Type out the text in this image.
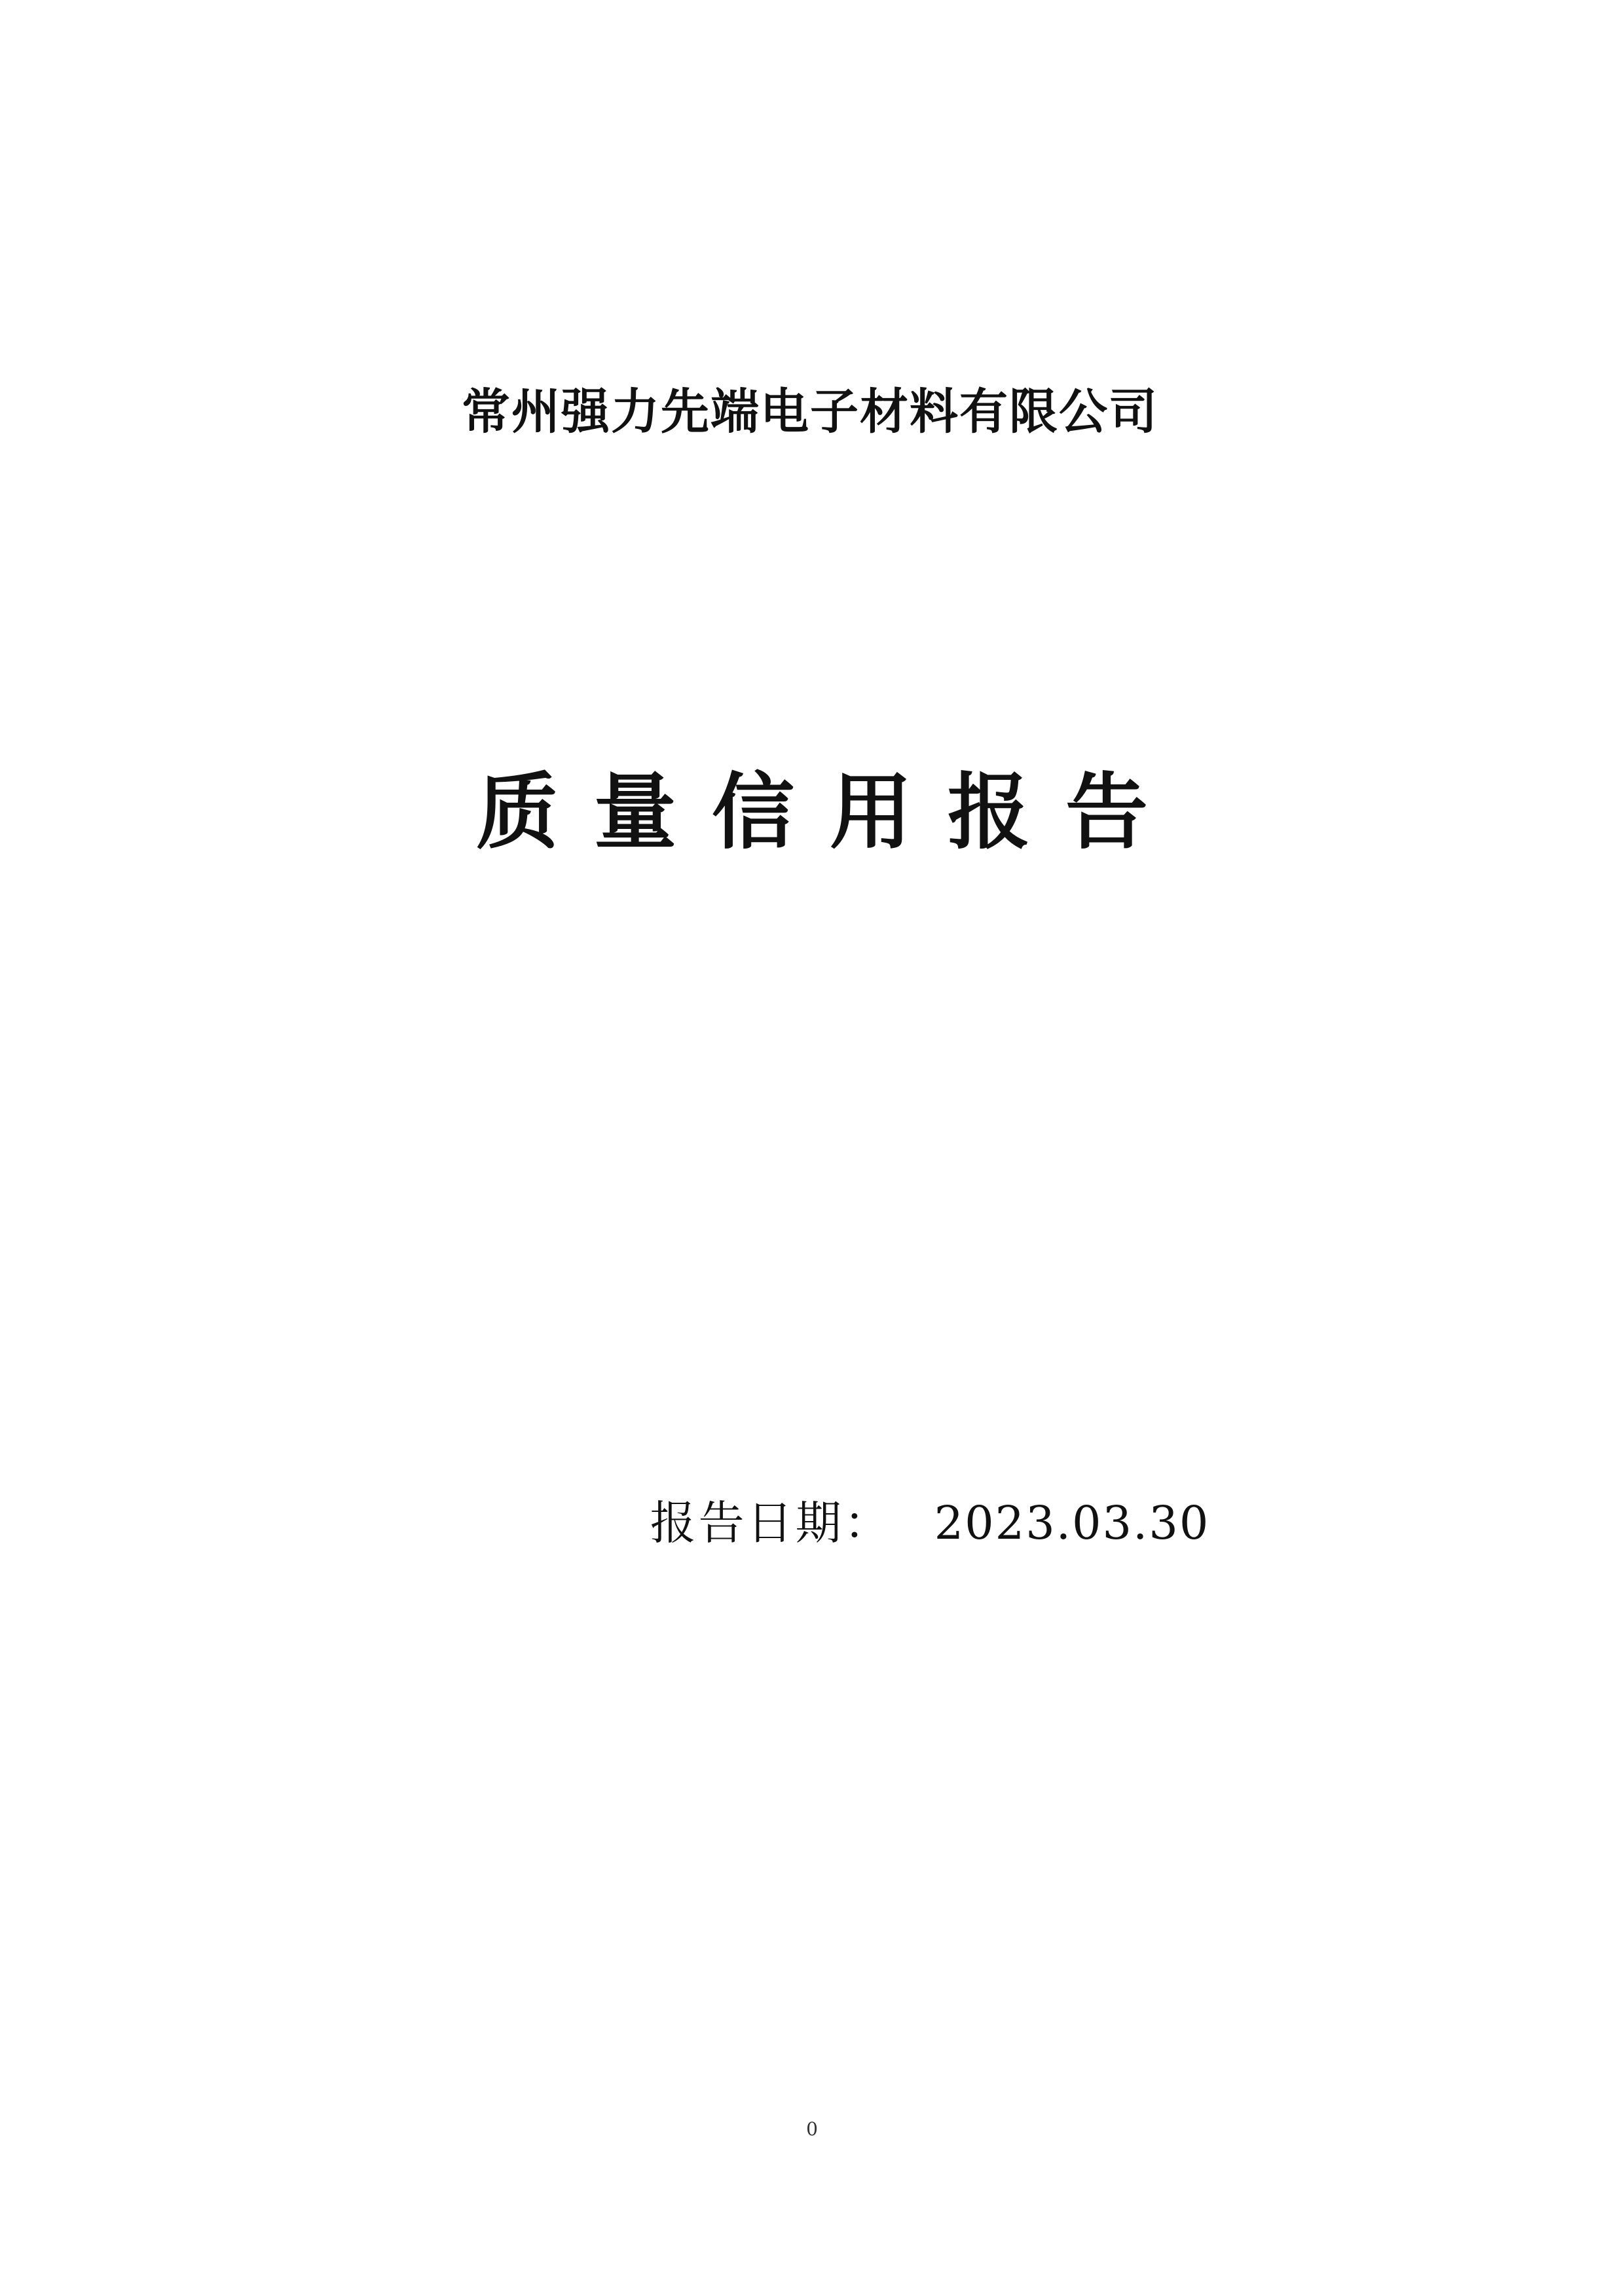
常州强力先端电子材料有限公司
质量信用报告
报告日期： 2023.03.30
0
